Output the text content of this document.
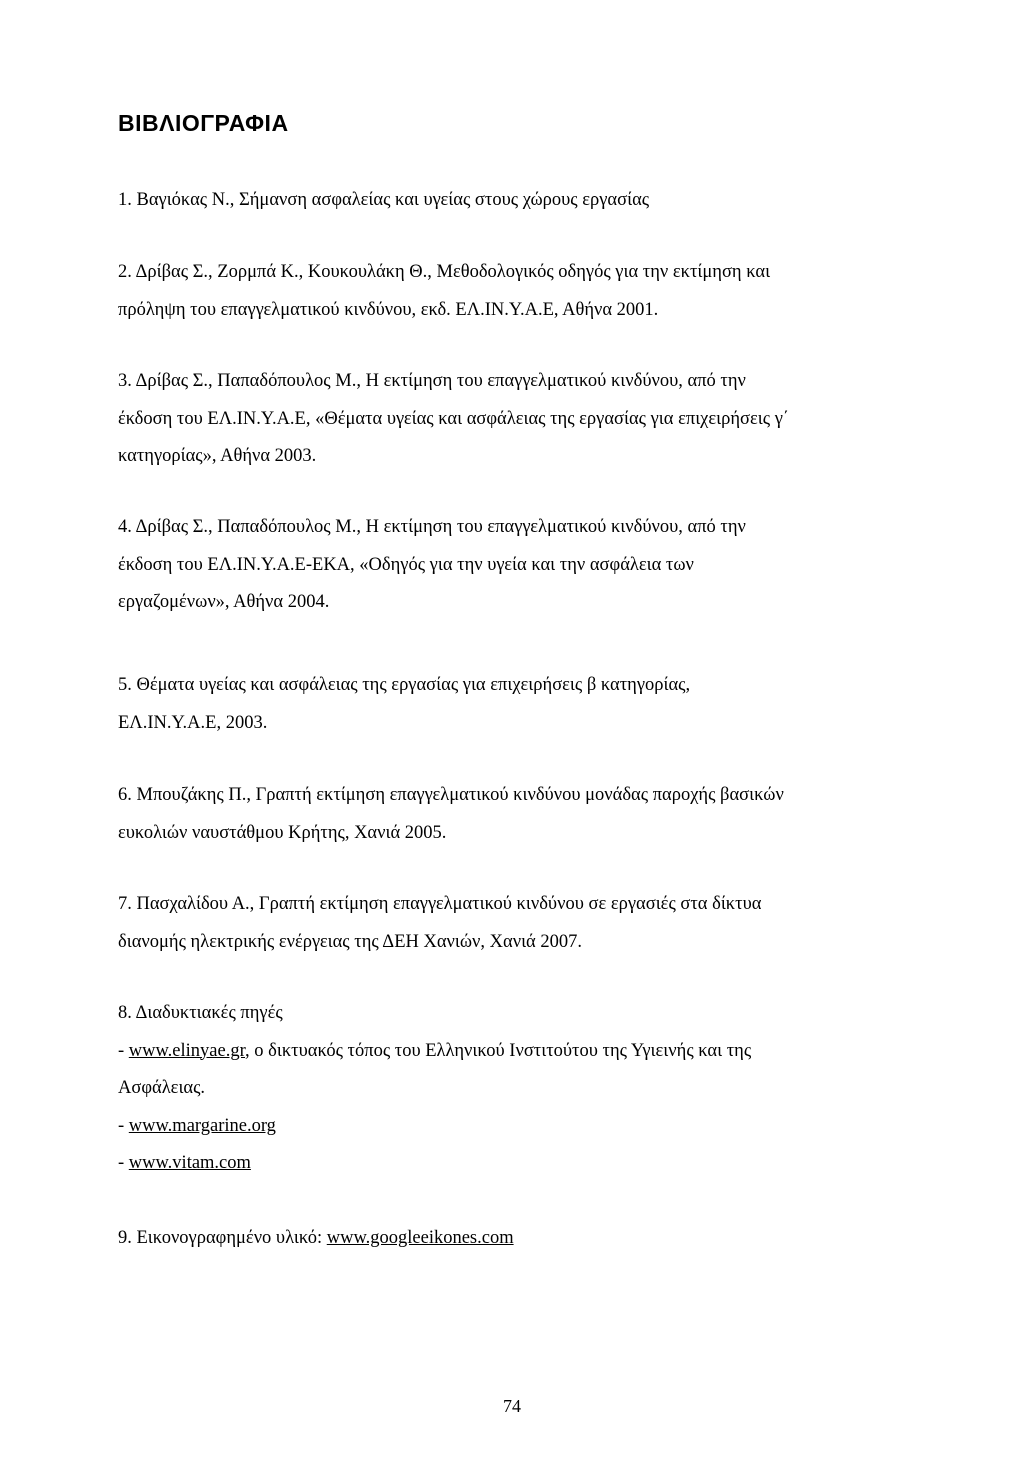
ΒΙΒΛΙΟΓΡΑΦΙΑ

1. Βαγιόκας Ν., Σήμανση ασφαλείας και υγείας στους χώρους εργασίας

2. Δρίβας Σ., Ζορμπά Κ., Κουκουλάκη Θ., Μεθοδολογικός οδηγός για την εκτίμηση και
πρόληψη του επαγγελματικού κινδύνου, εκδ. ΕΛ.ΙΝ.Υ.Α.Ε, Αθήνα 2001.

3. Δρίβας Σ., Παπαδόπουλος Μ., Η εκτίμηση του επαγγελματικού κινδύνου, από την
έκδοση του ΕΛ.ΙΝ.Υ.Α.Ε, «Θέματα υγείας και ασφάλειας της εργασίας για επιχειρήσεις γ΄
κατηγορίας», Αθήνα 2003.

4. Δρίβας Σ., Παπαδόπουλος Μ., Η εκτίμηση του επαγγελματικού κινδύνου, από την
έκδοση του ΕΛ.ΙΝ.Υ.Α.Ε-ΕΚΑ, «Οδηγός για την υγεία και την ασφάλεια των
εργαζομένων», Αθήνα 2004.

5. Θέματα υγείας και ασφάλειας της εργασίας για επιχειρήσεις β κατηγορίας,
ΕΛ.ΙΝ.Υ.Α.Ε, 2003.

6. Μπουζάκης Π., Γραπτή εκτίμηση επαγγελματικού κινδύνου μονάδας παροχής βασικών
ευκολιών ναυστάθμου Κρήτης, Χανιά 2005.

7. Πασχαλίδου Α., Γραπτή εκτίμηση επαγγελματικού κινδύνου σε εργασιές στα δίκτυα
διανομής ηλεκτρικής ενέργειας της ΔΕΗ Χανιών, Χανιά 2007.

8. Διαδυκτιακές πηγές
- www.elinyae.gr, ο δικτυακός τόπος του Ελληνικού Ινστιτούτου της Υγιεινής και της
Ασφάλειας.
- www.margarine.org
- www.vitam.com
9. Εικονογραφημένο υλικό: www.googleeikones.com

74
